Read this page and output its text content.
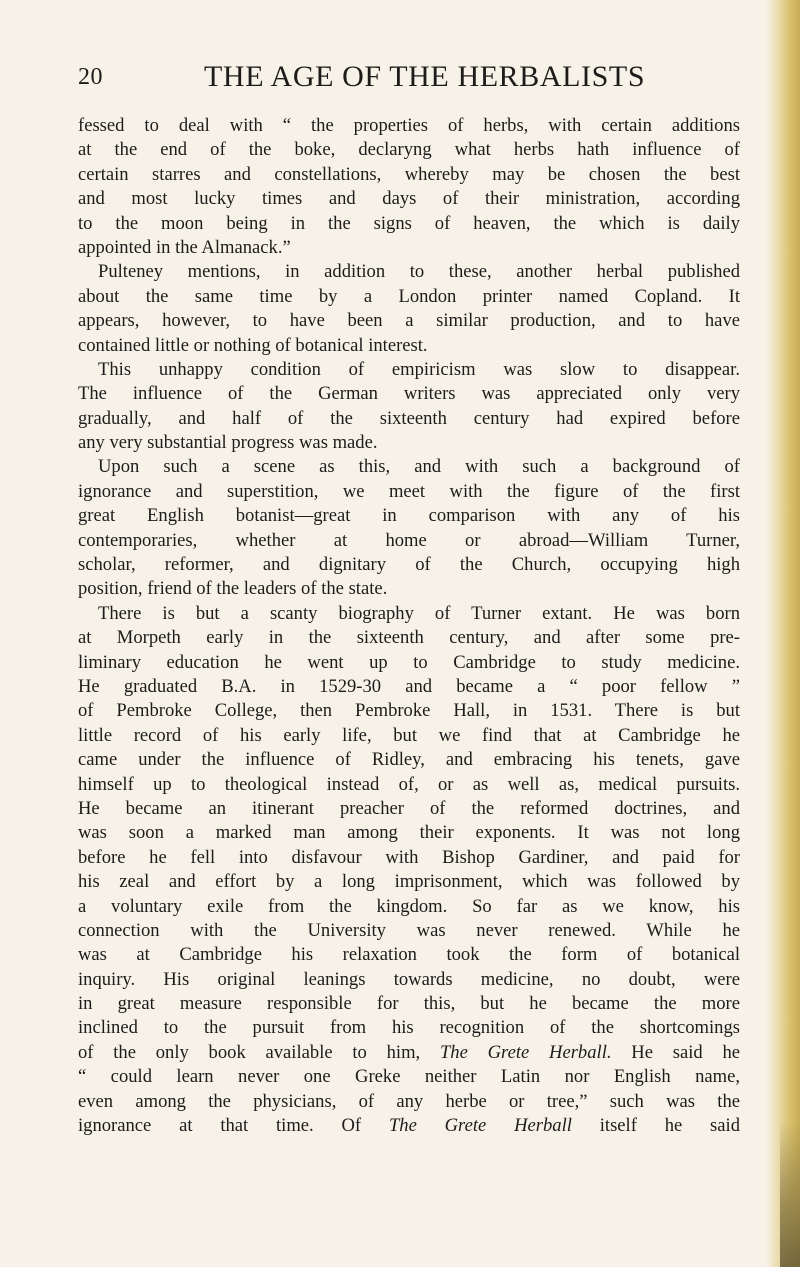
20	THE AGE OF THE HERBALISTS
fessed to deal with “ the properties of herbs, with certain additions
at the end of the boke, declaryng what herbs hath influence of
certain starres and constellations, whereby may be chosen the best
and most lucky times and days of their ministration, according
to the moon being in the signs of heaven, the which is daily
appointed in the Almanack.”
Pulteney mentions, in addition to these, another herbal published
about the same time by a London printer named Copland. It
appears, however, to have been a similar production, and to have
contained little or nothing of botanical interest.
This unhappy condition of empiricism was slow to disappear.
The influence of the German writers was appreciated only very
gradually, and half of the sixteenth century had expired before
any very substantial progress was made.
Upon such a scene as this, and with such a background of
ignorance and superstition, we meet with the figure of the first
great English botanist—great in comparison with any of his
contemporaries, whether at home or abroad—William Turner,
scholar, reformer, and dignitary of the Church, occupying high
position, friend of the leaders of the state.
There is but a scanty biography of Turner extant. He was born
at Morpeth early in the sixteenth century, and after some pre-
liminary education he went up to Cambridge to study medicine.
He graduated B.A. in 1529-30 and became a “ poor fellow ”
of Pembroke College, then Pembroke Hall, in 1531. There is but
little record of his early life, but we find that at Cambridge he
came under the influence of Ridley, and embracing his tenets, gave
himself up to theological instead of, or as well as, medical pursuits.
He became an itinerant preacher of the reformed doctrines, and
was soon a marked man among their exponents. It was not long
before he fell into disfavour with Bishop Gardiner, and paid for
his zeal and effort by a long imprisonment, which was followed by
a voluntary exile from the kingdom. So far as we know, his
connection with the University was never renewed. While he
was at Cambridge his relaxation took the form of botanical
inquiry. His original leanings towards medicine, no doubt, were
in great measure responsible for this, but he became the more
inclined to the pursuit from his recognition of the shortcomings
of the only book available to him, The Grete Herball. He said he
“ could learn never one Greke neither Latin nor English name,
even among the physicians, of any herbe or tree,” such was the
ignorance at that time. Of The Grete Herball itself he said
